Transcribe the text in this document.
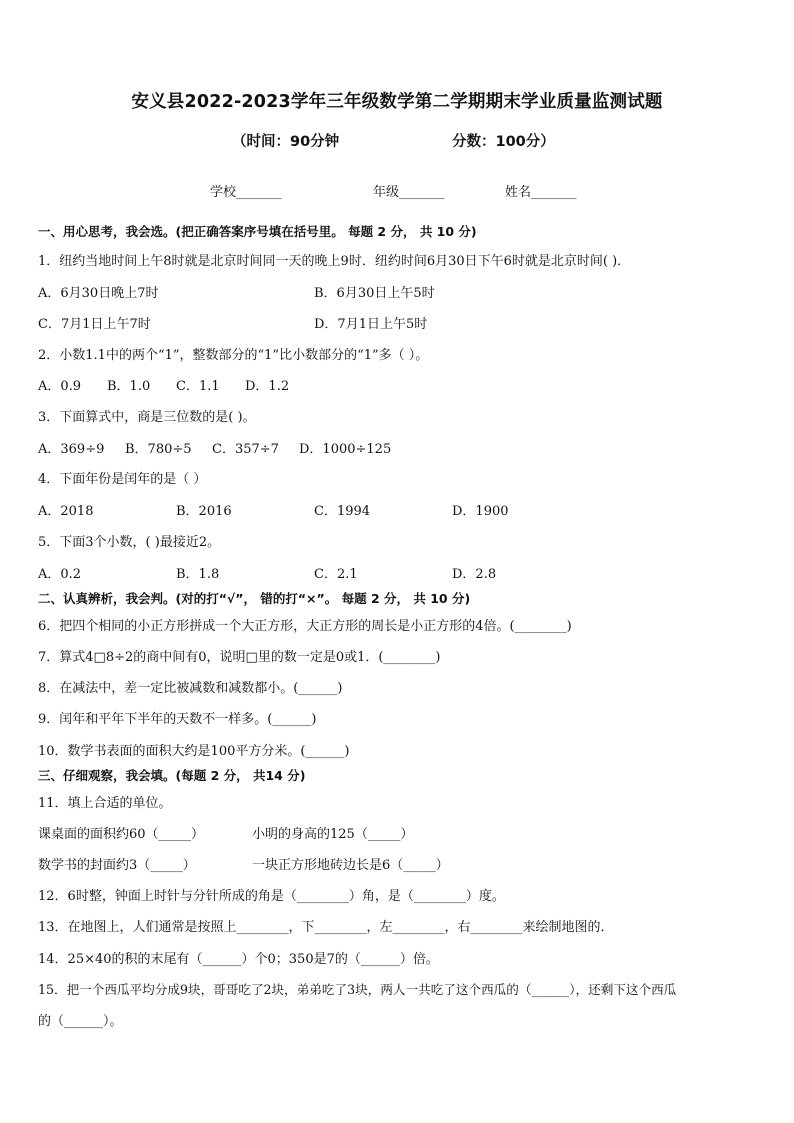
安义县2022-2023学年三年级数学第二学期期末学业质量监测试题
（时间：90分钟	分数：100分）
学校_______	年级_______	姓名_______
一、用心思考，我会选。(把正确答案序号填在括号里。 每题 2 分， 共 10 分)
1．纽约当地时间上午8时就是北京时间同一天的晚上9时．纽约时间6月30日下午6时就是北京时间( )．
A．6月30日晚上7时	B．6月30日上午5时
C．7月1日上午7时	D．7月1日上午5时
2．小数1.1中的两个“1”，整数部分的“1”比小数部分的“1”多（ ）。
A．0.9 B．1.0 C．1.1 D．1.2
3．下面算式中，商是三位数的是( )。
A．369÷9 B．780÷5 C．357÷7 D．1000÷125
4．下面年份是闰年的是（ ）
A．2018	B．2016	C．1994	D．1900
5．下面3个小数，( )最接近2。
A．0.2	B．1.8	C．2.1	D．2.8
二、认真辨析，我会判。(对的打“√”， 错的打“×”。 每题 2 分， 共 10 分)
6．把四个相同的小正方形拼成一个大正方形，大正方形的周长是小正方形的4倍。(________)
7．算式4□8÷2的商中间有0，说明□里的数一定是0或1．(________)
8．在减法中，差一定比被减数和减数都小。(______)
9．闰年和平年下半年的天数不一样多。(______)
10．数学书表面的面积大约是100平方分米。(______)
三、仔细观察，我会填。(每题 2 分， 共14 分)
11．填上合适的单位。
课桌面的面积约60（_____）	小明的身高的125（_____）
数学书的封面约3（_____）	一块正方形地砖边长是6（_____）
12．6时整，钟面上时针与分针所成的角是（________）角，是（________）度。
13．在地图上，人们通常是按照上________，下________，左________，右________来绘制地图的．
14．25×40的积的末尾有（______）个0；350是7的（______）倍。
15．把一个西瓜平均分成9块，哥哥吃了2块，弟弟吃了3块，两人一共吃了这个西瓜的（______），还剩下这个西瓜
的（______）。
